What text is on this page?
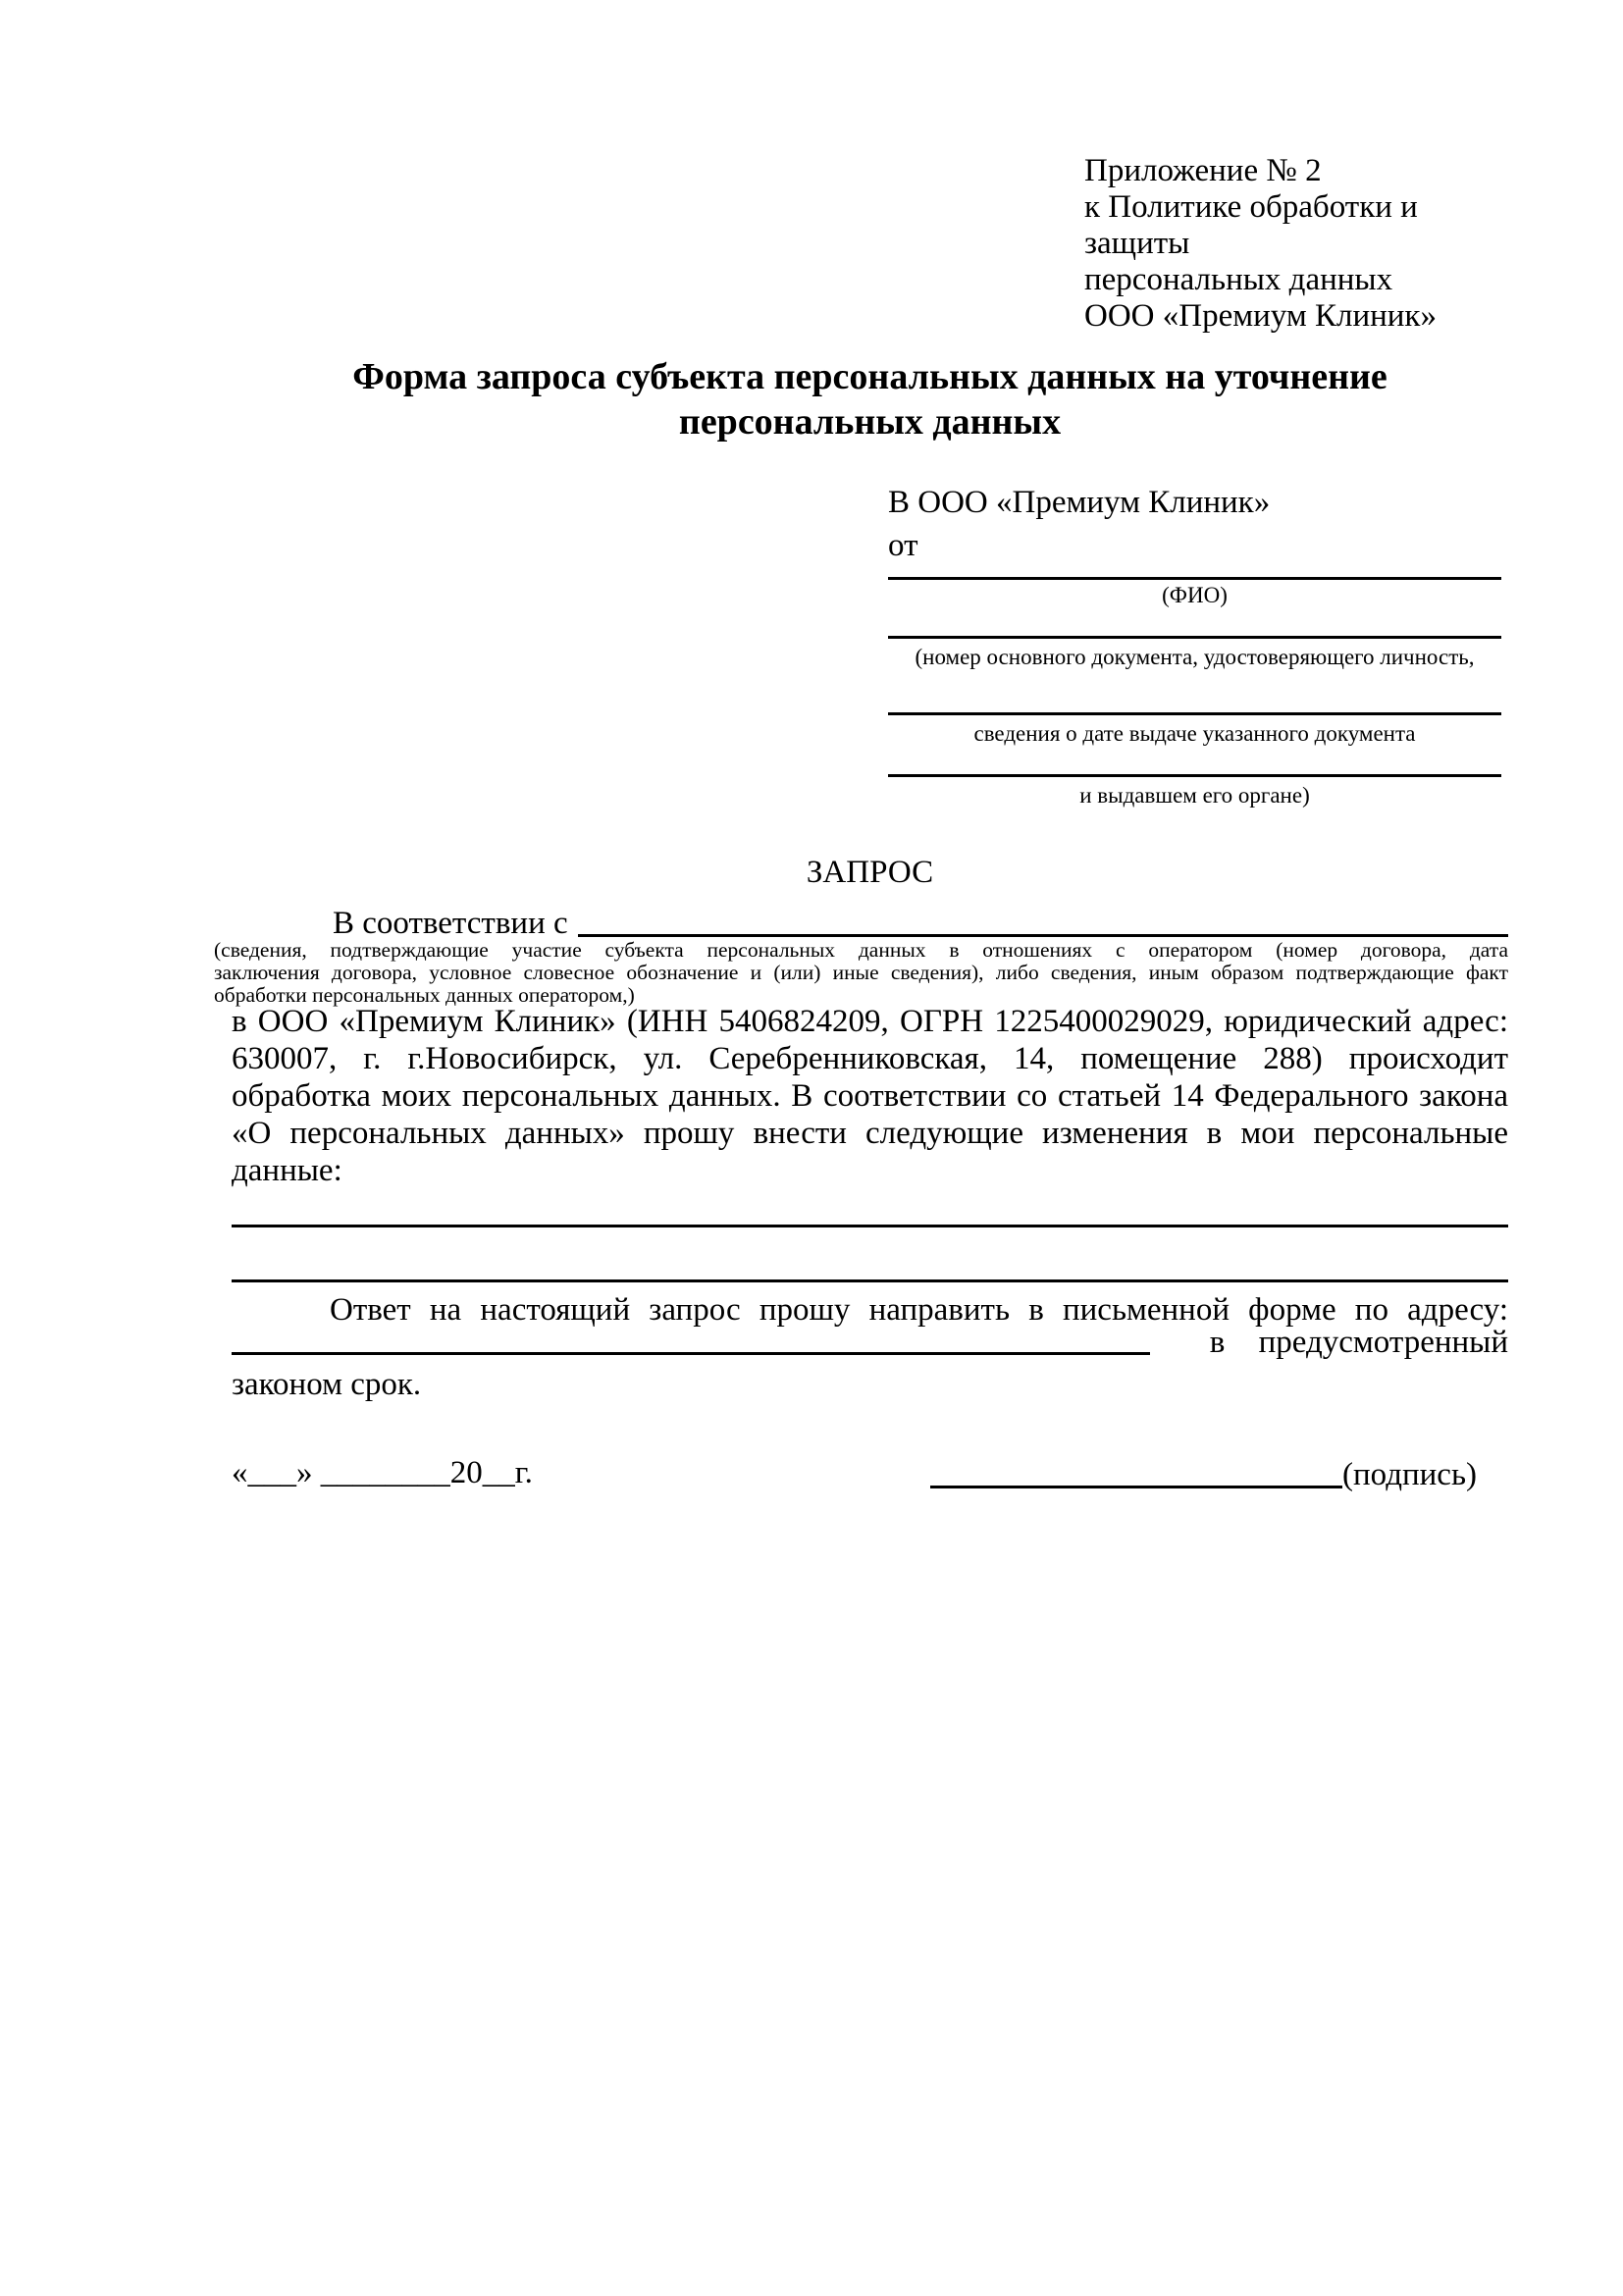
Приложение № 2
к Политике обработки и защиты
персональных данных
ООО «Премиум Клиник»
Форма запроса субъекта персональных данных на уточнение персональных данных
В ООО «Премиум Клиник»
от
(ФИО)
(номер основного документа, удостоверяющего личность,
сведения о дате выдаче указанного документа
и выдавшем его органе)
ЗАПРОС
В соответствии с
(сведения, подтверждающие участие субъекта персональных данных в отношениях с оператором (номер договора, дата
заключения договора, условное словесное обозначение и (или) иные сведения), либо сведения, иным образом подтверждающие факт
обработки персональных данных оператором,)
в ООО «Премиум Клиник» (ИНН 5406824209, ОГРН 1225400029029, юридический адрес: 630007, г. г.Новосибирск, ул. Серебренниковская, 14, помещение 288) происходит обработка моих персональных данных. В соответствии со статьей 14 Федерального закона «О персональных данных» прошу внести следующие изменения в мои персональные данные:
Ответ на настоящий запрос прошу направить в письменной форме по адресу:
в предусмотренный
законом срок.
«___» ________20__г.	(подпись)
